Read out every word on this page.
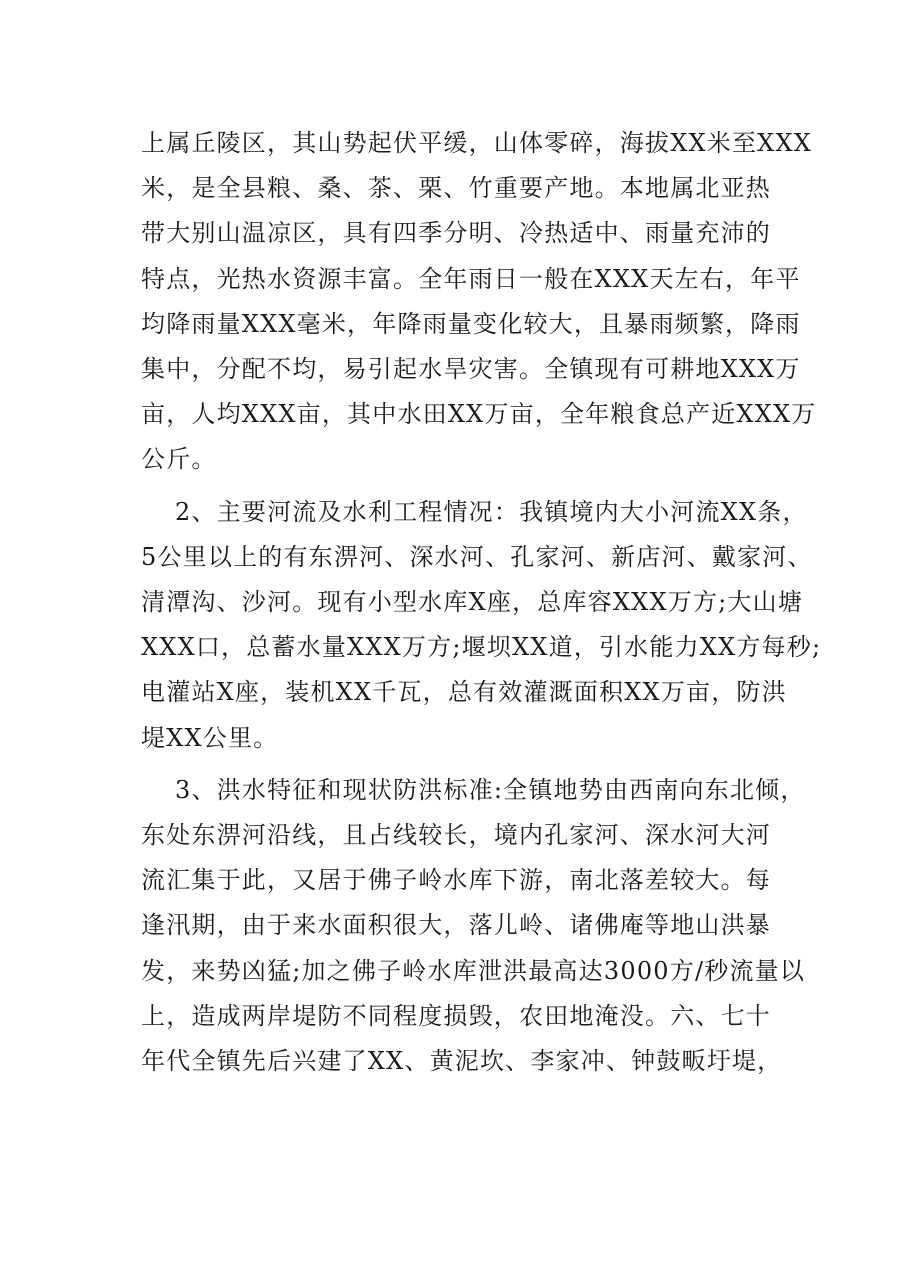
上属丘陵区，其山势起伏平缓，山体零碎，海拔XX米至XXX
米，是全县粮、桑、茶、栗、竹重要产地。本地属北亚热
带大别山温凉区，具有四季分明、冷热适中、雨量充沛的
特点，光热水资源丰富。全年雨日一般在XXX天左右，年平
均降雨量XXX毫米，年降雨量变化较大，且暴雨频繁，降雨
集中，分配不均，易引起水旱灾害。全镇现有可耕地XXX万
亩，人均XXX亩，其中水田XX万亩，全年粮食总产近XXX万
公斤。

2、主要河流及水利工程情况：我镇境内大小河流XX条，
5公里以上的有东淠河、深水河、孔家河、新店河、戴家河、
清潭沟、沙河。现有小型水库X座，总库容XXX万方;大山塘
XXX口，总蓄水量XXX万方;堰坝XX道，引水能力XX方每秒;
电灌站X座，装机XX千瓦，总有效灌溉面积XX万亩，防洪
堤XX公里。

3、洪水特征和现状防洪标准:全镇地势由西南向东北倾，
东处东淠河沿线，且占线较长，境内孔家河、深水河大河
流汇集于此，又居于佛子岭水库下游，南北落差较大。每
逢汛期，由于来水面积很大，落儿岭、诸佛庵等地山洪暴
发，来势凶猛;加之佛子岭水库泄洪最高达3000方/秒流量以
上，造成两岸堤防不同程度损毁，农田地淹没。六、七十
年代全镇先后兴建了XX、黄泥坎、李家冲、钟鼓畈圩堤，
